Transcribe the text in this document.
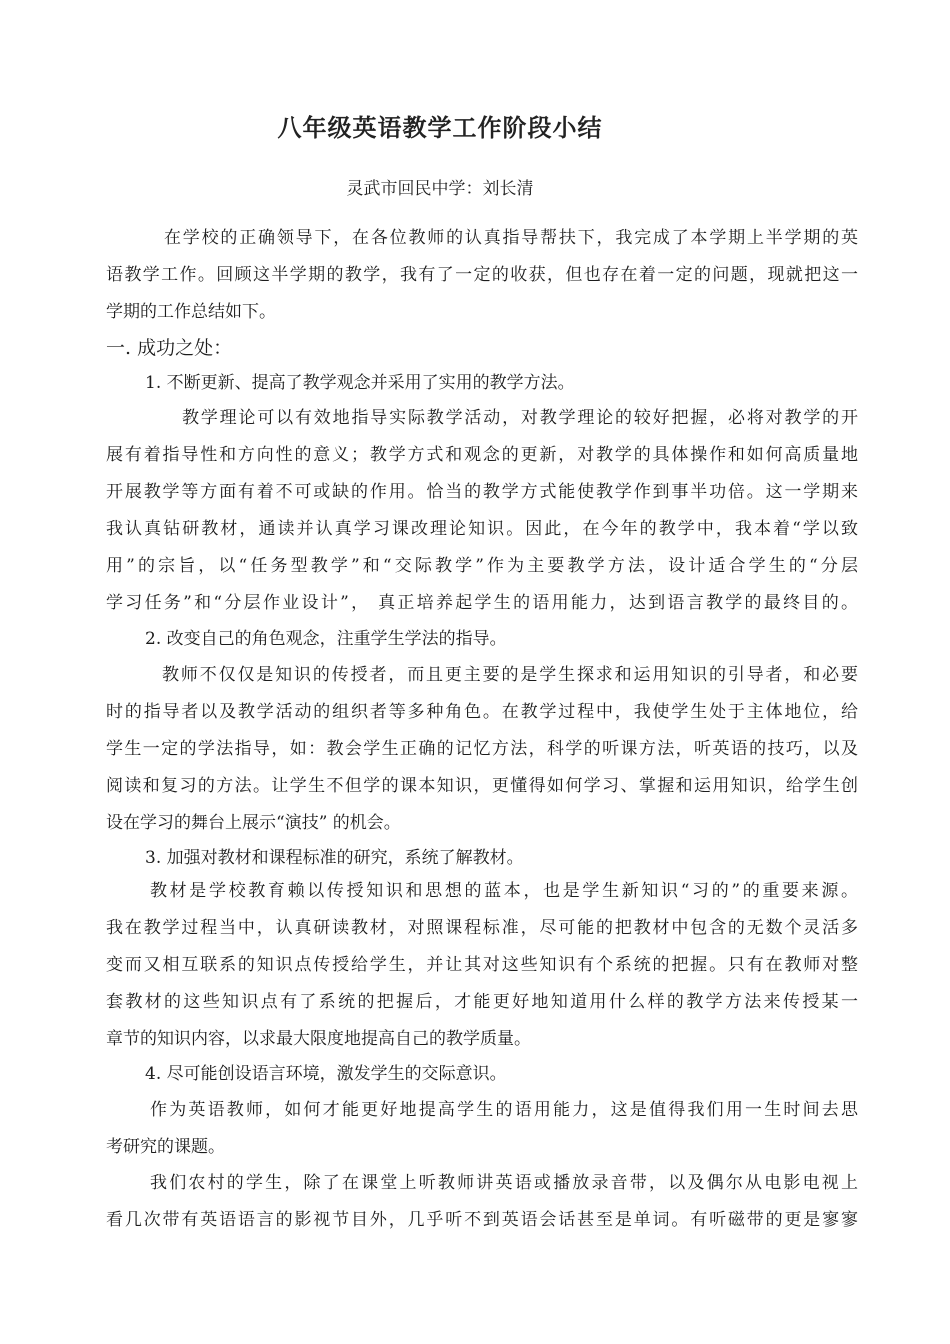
八年级英语教学工作阶段小结
灵武市回民中学：刘长清
在学校的正确领导下，在各位教师的认真指导帮扶下，我完成了本学期上半学期的英
语教学工作。回顾这半学期的教学，我有了一定的收获，但也存在着一定的问题，现就把这一
学期的工作总结如下。
一. 成功之处：
1. 不断更新、提高了教学观念并采用了实用的教学方法。
教学理论可以有效地指导实际教学活动，对教学理论的较好把握，必将对教学的开
展有着指导性和方向性的意义；教学方式和观念的更新，对教学的具体操作和如何高质量地
开展教学等方面有着不可或缺的作用。恰当的教学方式能使教学作到事半功倍。这一学期来
我认真钻研教材，通读并认真学习课改理论知识。因此，在今年的教学中，我本着“学以致
用”的宗旨，以“任务型教学”和“交际教学”作为主要教学方法，设计适合学生的“分层
学习任务”和“分层作业设计”， 真正培养起学生的语用能力，达到语言教学的最终目的。
2. 改变自己的角色观念，注重学生学法的指导。
教师不仅仅是知识的传授者，而且更主要的是学生探求和运用知识的引导者，和必要
时的指导者以及教学活动的组织者等多种角色。在教学过程中，我使学生处于主体地位，给
学生一定的学法指导，如：教会学生正确的记忆方法，科学的听课方法，听英语的技巧，以及
阅读和复习的方法。让学生不但学的课本知识，更懂得如何学习、掌握和运用知识，给学生创
设在学习的舞台上展示“演技” 的机会。
3. 加强对教材和课程标准的研究，系统了解教材。
教材是学校教育赖以传授知识和思想的蓝本，也是学生新知识“习的”的重要来源。
我在教学过程当中，认真研读教材，对照课程标准，尽可能的把教材中包含的无数个灵活多
变而又相互联系的知识点传授给学生，并让其对这些知识有个系统的把握。只有在教师对整
套教材的这些知识点有了系统的把握后，才能更好地知道用什么样的教学方法来传授某一
章节的知识内容，以求最大限度地提高自己的教学质量。
4. 尽可能创设语言环境，激发学生的交际意识。
作为英语教师，如何才能更好地提高学生的语用能力，这是值得我们用一生时间去思
考研究的课题。
我们农村的学生，除了在课堂上听教师讲英语或播放录音带，以及偶尔从电影电视上
看几次带有英语语言的影视节目外，几乎听不到英语会话甚至是单词。有听磁带的更是寥寥
